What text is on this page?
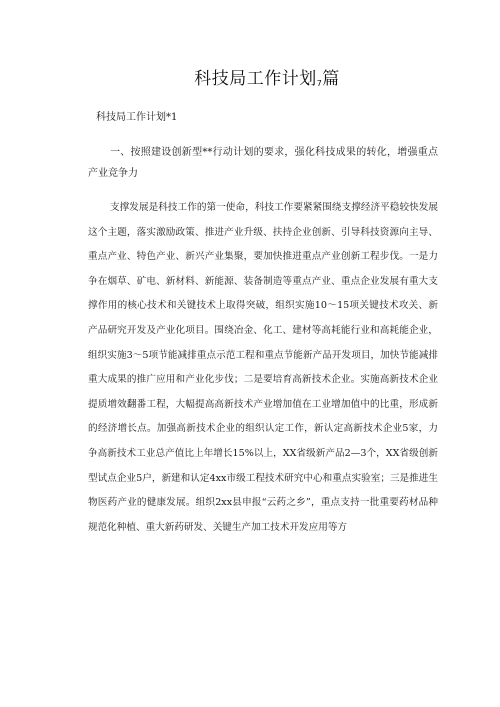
科技局工作计划7篇
科技局工作计划*1

一、按照建设创新型**行动计划的要求，强化科技成果的转化，增强重点产业竞争力

支撑发展是科技工作的第一使命，科技工作要紧紧围绕支撑经济平稳较快发展这个主题，落实激励政策、推进产业升级、扶持企业创新、引导科技资源向主导、重点产业、特色产业、新兴产业集聚，要加快推进重点产业创新工程步伐。一是力争在烟草、矿电、新材料、新能源、装备制造等重点产业、重点企业发展有重大支撑作用的核心技术和关键技术上取得突破，组织实施10～15项关键技术攻关、新产品研究开发及产业化项目。围绕冶金、化工、建材等高耗能行业和高耗能企业，组织实施3～5项节能减排重点示范工程和重点节能新产品开发项目，加快节能减排重大成果的推广应用和产业化步伐；二是要培育高新技术企业。实施高新技术企业提质增效翻番工程，大幅提高高新技术产业增加值在工业增加值中的比重，形成新的经济增长点。加强高新技术企业的组织认定工作，新认定高新技术企业5家，力争高新技术工业总产值比上年增长15%以上，XX省级新产品2—3个，XX省级创新型试点企业5户，新建和认定4xx市级工程技术研究中心和重点实验室；三是推进生物医药产业的健康发展。组织2xx县申报“云药之乡”，重点支持一批重要药材品种规范化种植、重大新药研发、关键生产加工技术开发应用等方
